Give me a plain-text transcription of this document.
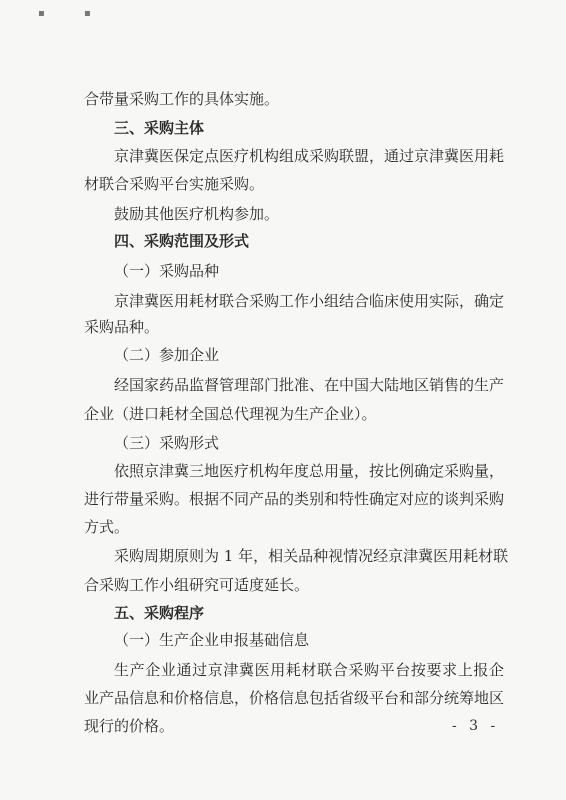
▪ ▪
合带量采购工作的具体实施。
三、采购主体
京津冀医保定点医疗机构组成采购联盟，通过京津冀医用耗
材联合采购平台实施采购。
鼓励其他医疗机构参加。
四、采购范围及形式
（一）采购品种
京津冀医用耗材联合采购工作小组结合临床使用实际，确定
采购品种。
（二）参加企业
经国家药品监督管理部门批准、在中国大陆地区销售的生产
企业（进口耗材全国总代理视为生产企业）。
（三）采购形式
依照京津冀三地医疗机构年度总用量，按比例确定采购量，
进行带量采购。根据不同产品的类别和特性确定对应的谈判采购
方式。
采购周期原则为 1 年，相关品种视情况经京津冀医用耗材联
合采购工作小组研究可适度延长。
五、采购程序
（一）生产企业申报基础信息
生产企业通过京津冀医用耗材联合采购平台按要求上报企
业产品信息和价格信息，价格信息包括省级平台和部分统筹地区
现行的价格。	- 3 -
